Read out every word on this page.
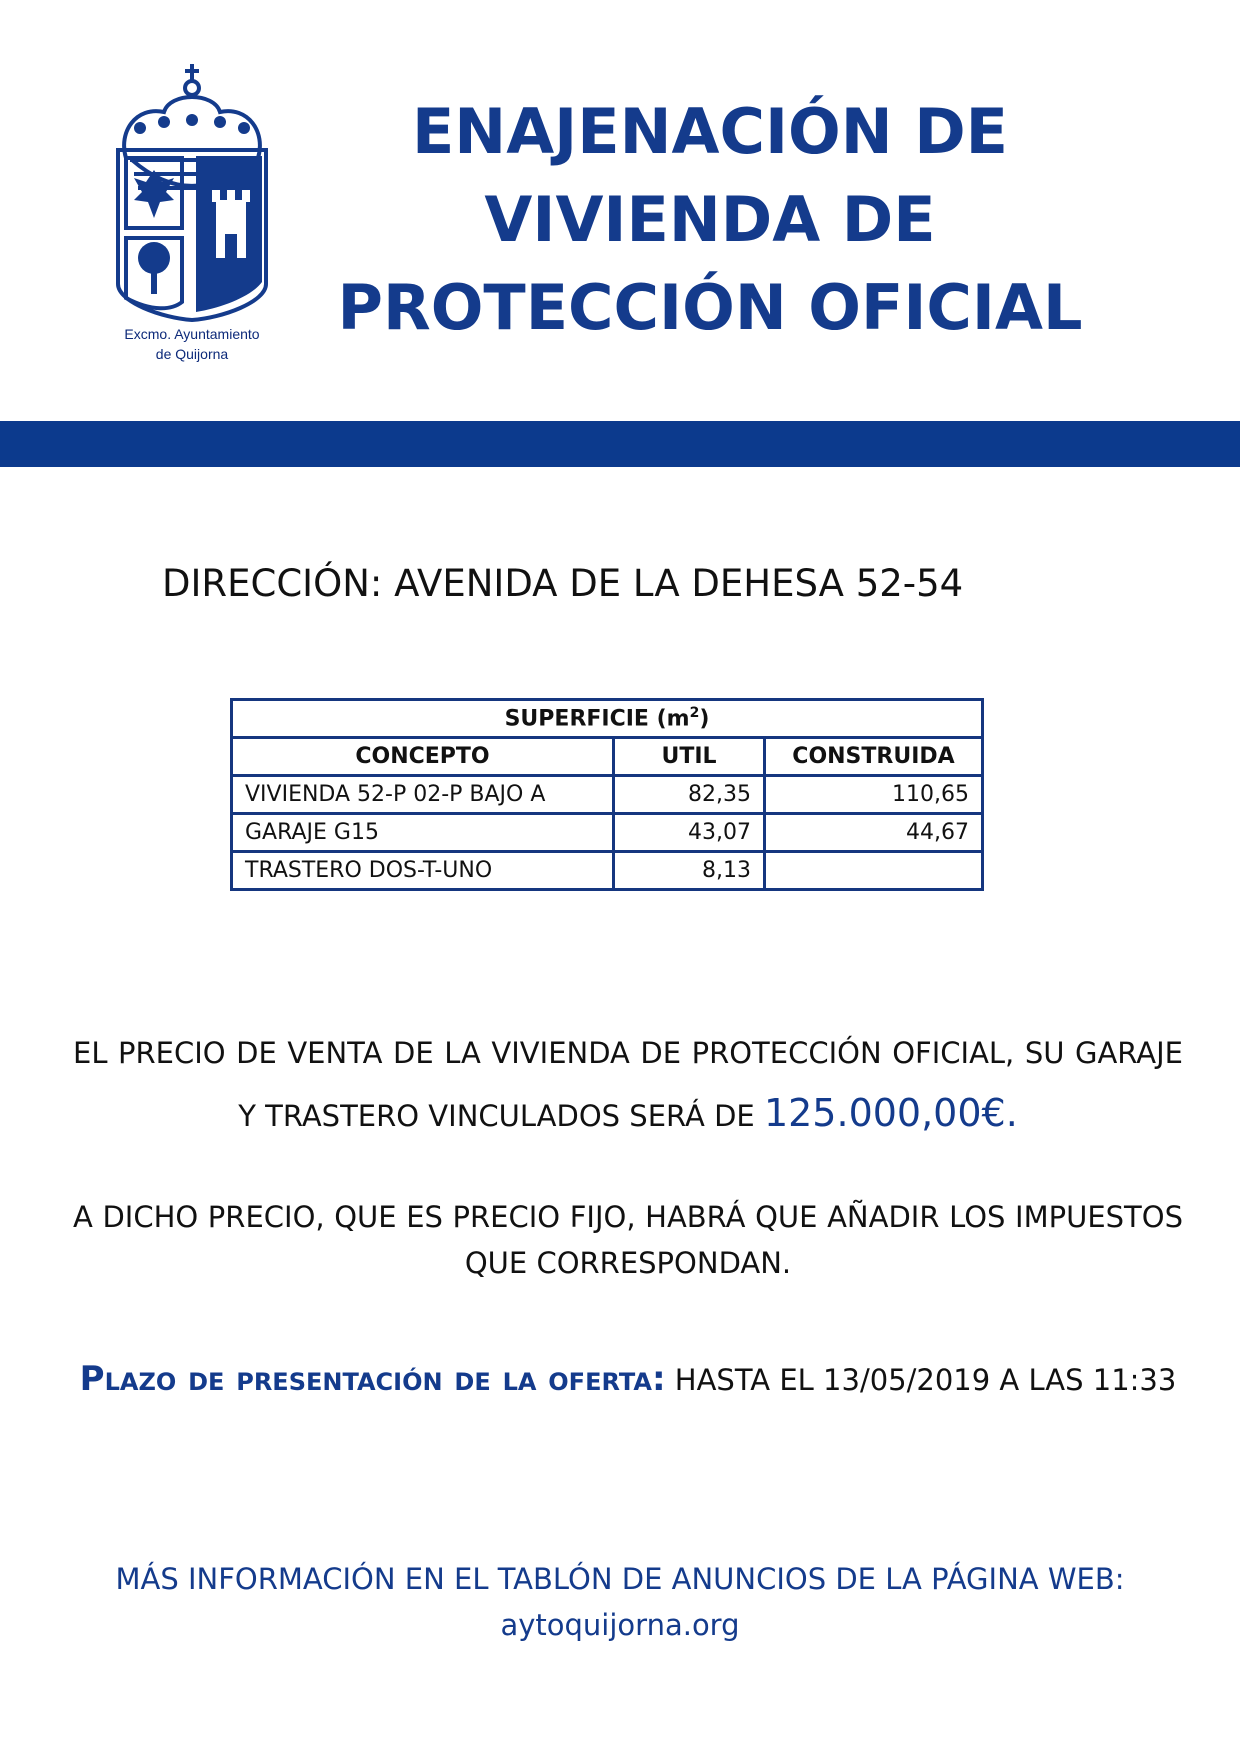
Excmo. Ayuntamiento
de Quijorna
ENAJENACIÓN DE
VIVIENDA DE
PROTECCIÓN OFICIAL
DIRECCIÓN: AVENIDA DE LA DEHESA 52-54
SUPERFICIE $(m^2)$		
CONCEPTO	UTIL	CONSTRUIDA
VIVIENDA 52-P 02-P BAJO A	82,35	110,65
GARAJE G15	43,07	44,67
TRASTERO DOS-T-UNO	8,13	

EL PRECIO DE VENTA DE LA VIVIENDA DE PROTECCIÓN OFICIAL, SU GARAJE Y TRASTERO VINCULADOS SERÁ DE 125.000,00€.

A DICHO PRECIO, QUE ES PRECIO FIJO, HABRÁ QUE AÑADIR LOS IMPUESTOS QUE CORRESPONDAN.

Plazo de presentación de la oferta: HASTA EL 13/05/2019 A LAS 11:33

MÁS INFORMACIÓN EN EL TABLÓN DE ANUNCIOS DE LA PÁGINA WEB:
aytoquijorna.org
